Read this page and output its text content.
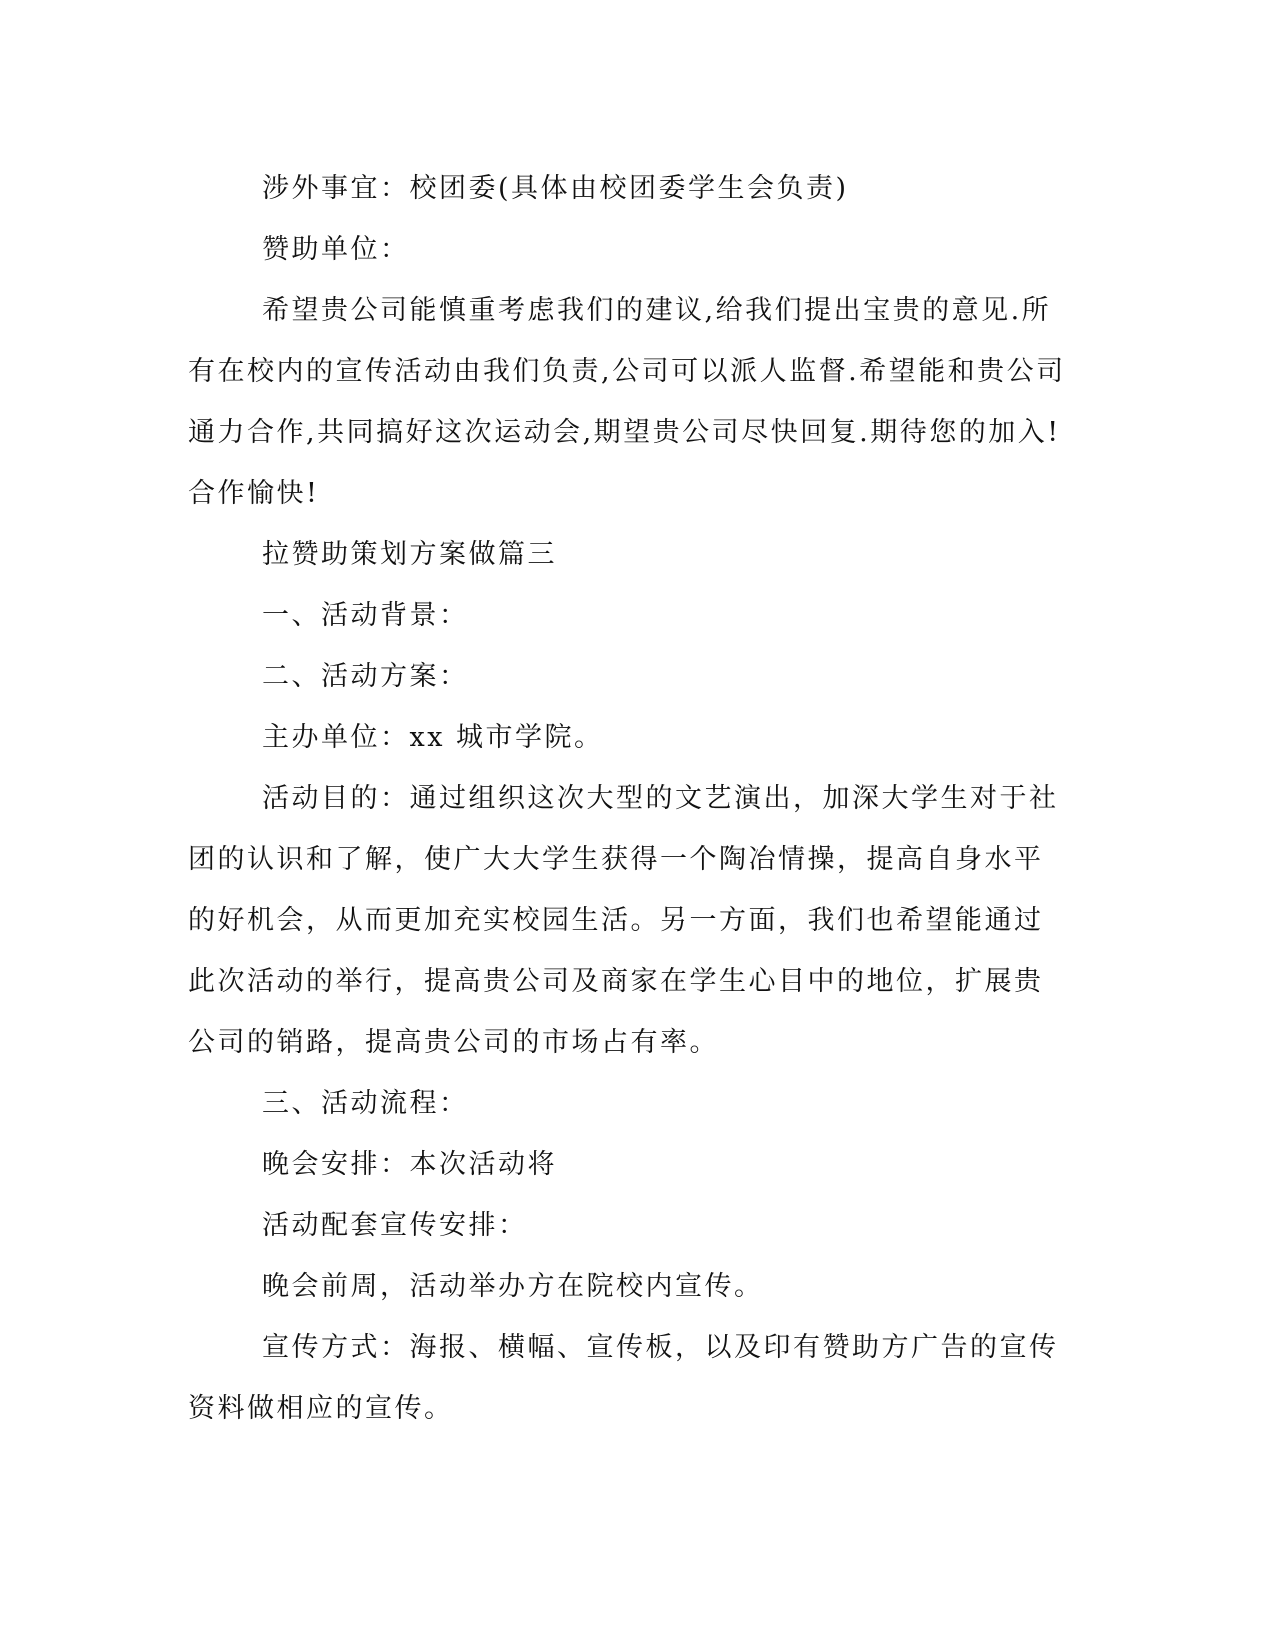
涉外事宜：校团委(具体由校团委学生会负责)

赞助单位：

希望贵公司能慎重考虑我们的建议,给我们提出宝贵的意见.所有在校内的宣传活动由我们负责,公司可以派人监督.希望能和贵公司通力合作,共同搞好这次运动会,期望贵公司尽快回复.期待您的加入!合作愉快!

拉赞助策划方案做篇三

一、活动背景：

二、活动方案：

主办单位：xx 城市学院。

活动目的：通过组织这次大型的文艺演出，加深大学生对于社团的认识和了解，使广大大学生获得一个陶冶情操，提高自身水平的好机会，从而更加充实校园生活。另一方面，我们也希望能通过此次活动的举行，提高贵公司及商家在学生心目中的地位，扩展贵公司的销路，提高贵公司的市场占有率。

三、活动流程：

晚会安排：本次活动将

活动配套宣传安排：

晚会前周，活动举办方在院校内宣传。

宣传方式：海报、横幅、宣传板，以及印有赞助方广告的宣传资料做相应的宣传。
